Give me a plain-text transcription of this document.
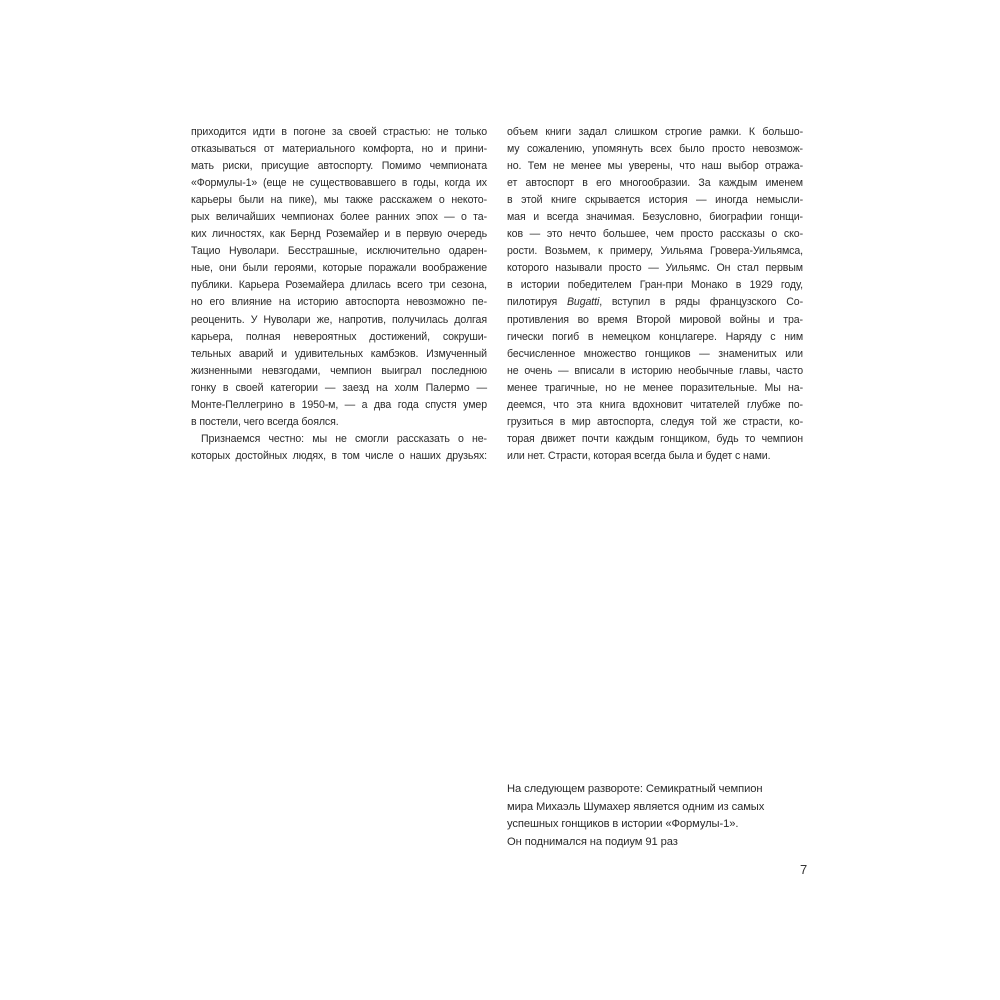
приходится идти в погоне за своей страстью: не только
отказываться от материального комфорта, но и прини-
мать риски, присущие автоспорту. Помимо чемпионата
«Формулы-1» (еще не существовавшего в годы, когда их
карьеры были на пике), мы также расскажем о некото-
рых величайших чемпионах более ранних эпох — о та-
ких личностях, как Бернд Роземайер и в первую очередь
Тацио Нуволари. Бесстрашные, исключительно одарен-
ные, они были героями, которые поражали воображение
публики. Карьера Роземайера длилась всего три сезона,
но его влияние на историю автоспорта невозможно пе-
реоценить. У Нуволари же, напротив, получилась долгая
карьера, полная невероятных достижений, сокруши-
тельных аварий и удивительных камбэков. Измученный
жизненными невзгодами, чемпион выиграл последнюю
гонку в своей категории — заезд на холм Палермо —
Монте-Пеллегрино в 1950-м, — а два года спустя умер
в постели, чего всегда боялся.
Признаемся честно: мы не смогли рассказать о не-
которых достойных людях, в том числе о наших друзьях:
объем книги задал слишком строгие рамки. К большо-
му сожалению, упомянуть всех было просто невозмож-
но. Тем не менее мы уверены, что наш выбор отража-
ет автоспорт в его многообразии. За каждым именем
в этой книге скрывается история — иногда немысли-
мая и всегда значимая. Безусловно, биографии гонщи-
ков — это нечто большее, чем просто рассказы о ско-
рости. Возьмем, к примеру, Уильяма Гровера-Уильямса,
которого называли просто — Уильямс. Он стал первым
в истории победителем Гран-при Монако в 1929 году,
пилотируя Bugatti, вступил в ряды французского Со-
противления во время Второй мировой войны и тра-
гически погиб в немецком концлагере. Наряду с ним
бесчисленное множество гонщиков — знаменитых или
не очень — вписали в историю необычные главы, часто
менее трагичные, но не менее поразительные. Мы на-
деемся, что эта книга вдохновит читателей глубже по-
грузиться в мир автоспорта, следуя той же страсти, ко-
торая движет почти каждым гонщиком, будь то чемпион
или нет. Страсти, которая всегда была и будет с нами.
На следующем развороте: Семикратный чемпион
мира Михаэль Шумахер является одним из самых
успешных гонщиков в истории «Формулы-1».
Он поднимался на подиум 91 раз
7
